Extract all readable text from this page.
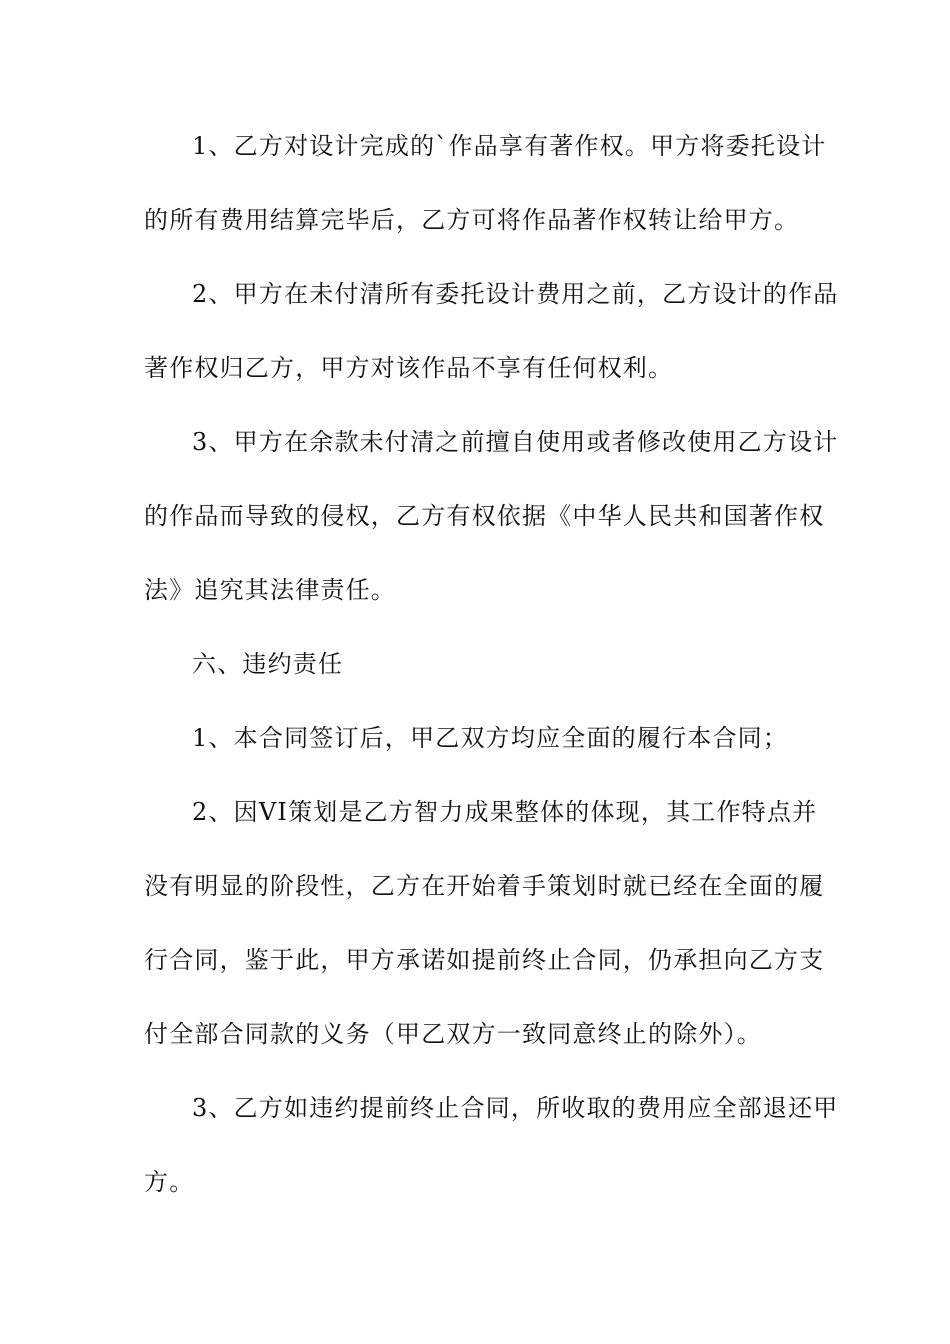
1、乙方对设计完成的`作品享有著作权。甲方将委托设计
的所有费用结算完毕后，乙方可将作品著作权转让给甲方。
2、甲方在未付清所有委托设计费用之前，乙方设计的作品
著作权归乙方，甲方对该作品不享有任何权利。
3、甲方在余款未付清之前擅自使用或者修改使用乙方设计
的作品而导致的侵权，乙方有权依据《中华人民共和国著作权
法》追究其法律责任。
六、违约责任
1、本合同签订后，甲乙双方均应全面的履行本合同；
2、因VI策划是乙方智力成果整体的体现，其工作特点并
没有明显的阶段性，乙方在开始着手策划时就已经在全面的履
行合同，鉴于此，甲方承诺如提前终止合同，仍承担向乙方支
付全部合同款的义务（甲乙双方一致同意终止的除外）。
3、乙方如违约提前终止合同，所收取的费用应全部退还甲
方。
